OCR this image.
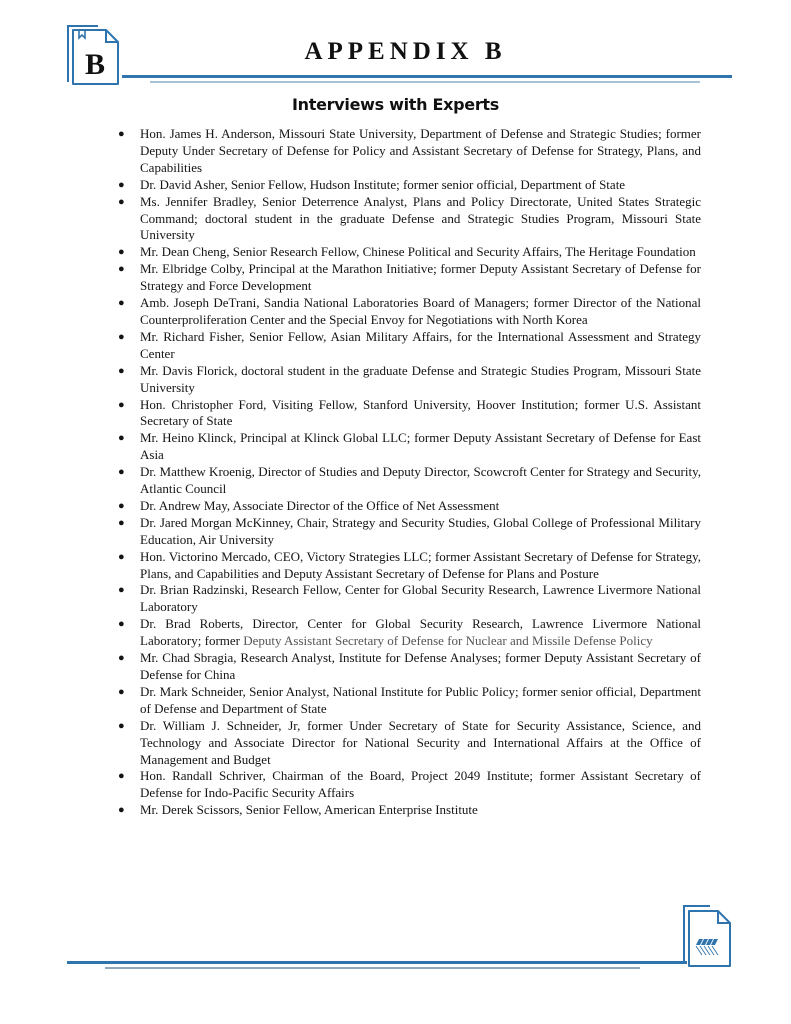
B	APPENDIX B
Interviews with Experts
● Hon. James H. Anderson, Missouri State University, Department of Defense and Strategic Studies; former Deputy Under Secretary of Defense for Policy and Assistant Secretary of Defense for Strategy, Plans, and Capabilities
● Dr. David Asher, Senior Fellow, Hudson Institute; former senior official, Department of State
● Ms. Jennifer Bradley, Senior Deterrence Analyst, Plans and Policy Directorate, United States Strategic Command; doctoral student in the graduate Defense and Strategic Studies Program, Missouri State University
● Mr. Dean Cheng, Senior Research Fellow, Chinese Political and Security Affairs, The Heritage Foundation
● Mr. Elbridge Colby, Principal at the Marathon Initiative; former Deputy Assistant Secretary of Defense for Strategy and Force Development
● Amb. Joseph DeTrani, Sandia National Laboratories Board of Managers; former Director of the National Counterproliferation Center and the Special Envoy for Negotiations with North Korea
● Mr. Richard Fisher, Senior Fellow, Asian Military Affairs, for the International Assessment and Strategy Center
● Mr. Davis Florick, doctoral student in the graduate Defense and Strategic Studies Program, Missouri State University
● Hon. Christopher Ford, Visiting Fellow, Stanford University, Hoover Institution; former U.S. Assistant Secretary of State
● Mr. Heino Klinck, Principal at Klinck Global LLC; former Deputy Assistant Secretary of Defense for East Asia
● Dr. Matthew Kroenig, Director of Studies and Deputy Director, Scowcroft Center for Strategy and Security, Atlantic Council
● Dr. Andrew May, Associate Director of the Office of Net Assessment
● Dr. Jared Morgan McKinney, Chair, Strategy and Security Studies, Global College of Professional Military Education, Air University
● Hon. Victorino Mercado, CEO, Victory Strategies LLC; former Assistant Secretary of Defense for Strategy, Plans, and Capabilities and Deputy Assistant Secretary of Defense for Plans and Posture
● Dr. Brian Radzinski, Research Fellow, Center for Global Security Research, Lawrence Livermore National Laboratory
● Dr. Brad Roberts, Director, Center for Global Security Research, Lawrence Livermore National Laboratory; former Deputy Assistant Secretary of Defense for Nuclear and Missile Defense Policy
● Mr. Chad Sbragia, Research Analyst, Institute for Defense Analyses; former Deputy Assistant Secretary of Defense for China
● Dr. Mark Schneider, Senior Analyst, National Institute for Public Policy; former senior official, Department of Defense and Department of State
● Dr. William J. Schneider, Jr, former Under Secretary of State for Security Assistance, Science, and Technology and Associate Director for National Security and International Affairs at the Office of Management and Budget
● Hon. Randall Schriver, Chairman of the Board, Project 2049 Institute; former Assistant Secretary of Defense for Indo-Pacific Security Affairs
● Mr. Derek Scissors, Senior Fellow, American Enterprise Institute
